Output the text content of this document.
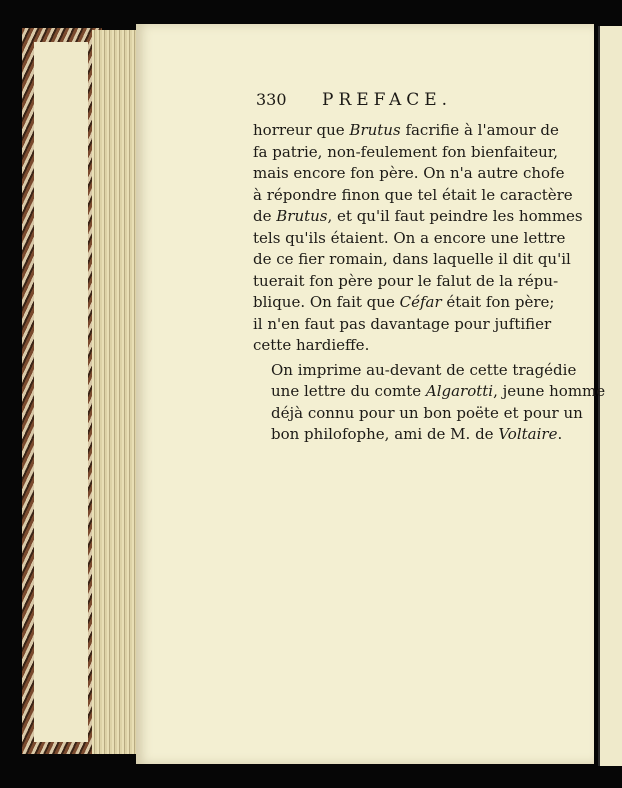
330 PREFACE.

horreur que Brutus facrifie à l'amour de
fa patrie, non-feulement fon bienfaiteur,
mais encore fon père. On n'a autre chofe
à répondre finon que tel était le caractère
de Brutus, et qu'il faut peindre les hommes
tels qu'ils étaient. On a encore une lettre
de ce fier romain, dans laquelle il dit qu'il
tuerait fon père pour le falut de la répu-
blique. On fait que Céfar était fon père;
il n'en faut pas davantage pour juftifier
cette hardieffe.

On imprime au-devant de cette tragédie
une lettre du comte Algarotti, jeune homme
déjà connu pour un bon poëte et pour un
bon philofophe, ami de M. de Voltaire.
